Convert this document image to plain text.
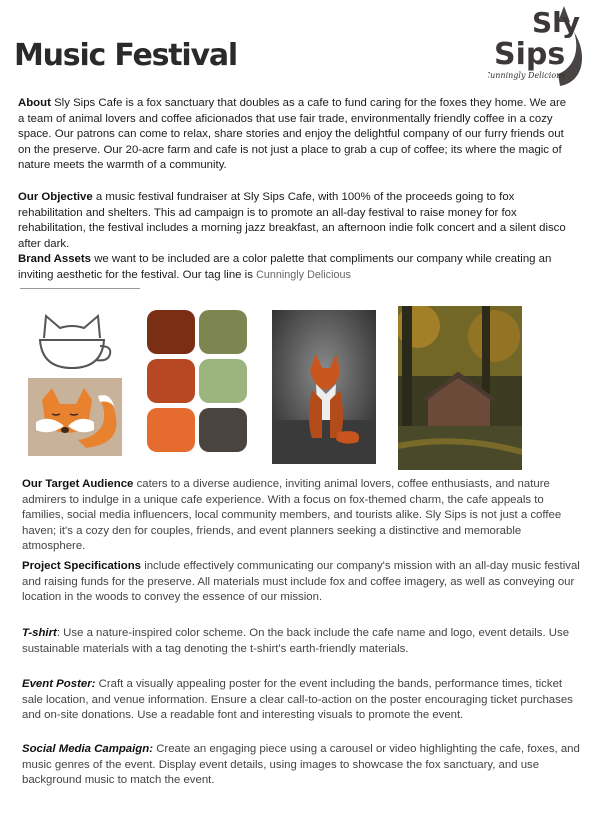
Music Festival
Sly
Sips
Cunningly Delicious
About Sly Sips Cafe is a fox sanctuary that doubles as a cafe to fund caring for the foxes they home. We are a team of animal lovers and coffee aficionados that use fair trade, environmentally friendly coffee in a cozy space. Our patrons can come to relax, share stories and enjoy the delightful company of our furry friends out on the preserve. Our 20-acre farm and cafe is not just a place to grab a cup of coffee; its where the magic of nature meets the warmth of a community.
Our Objective a music festival fundraiser at Sly Sips Cafe, with 100% of the proceeds going to fox rehabilitation and shelters. This ad campaign is to promote an all-day festival to raise money for fox rehabilitation, the festival includes a morning jazz breakfast, an afternoon indie folk concert and a silent disco after dark.
Brand Assets we want to be included are a color palette that compliments our company while creating an inviting aesthetic for the festival. Our tag line is Cunningly Delicious
Our Target Audience caters to a diverse audience, inviting animal lovers, coffee enthusiasts, and nature admirers to indulge in a unique cafe experience. With a focus on fox-themed charm, the cafe appeals to families, social media influencers, local community members, and tourists alike. Sly Sips is not just a coffee haven; it's a cozy den for couples, friends, and event planners seeking a distinctive and memorable atmosphere.
Project Specifications include effectively communicating our company's mission with an all-day music festival and raising funds for the preserve. All materials must include fox and coffee imagery, as well as conveying our location in the woods to convey the essence of our mission.
T-shirt: Use a nature-inspired color scheme. On the back include the cafe name and logo, event details. Use sustainable materials with a tag denoting the t-shirt's earth-friendly materials.
Event Poster: Craft a visually appealing poster for the event including the bands, performance times, ticket sale location, and venue information. Ensure a clear call-to-action on the poster encouraging ticket purchases and on-site donations. Use a readable font and interesting visuals to promote the event.
Social Media Campaign: Create an engaging piece using a carousel or video highlighting the cafe, foxes, and music genres of the event. Display event details, using images to showcase the fox sanctuary, and use background music to match the event.
